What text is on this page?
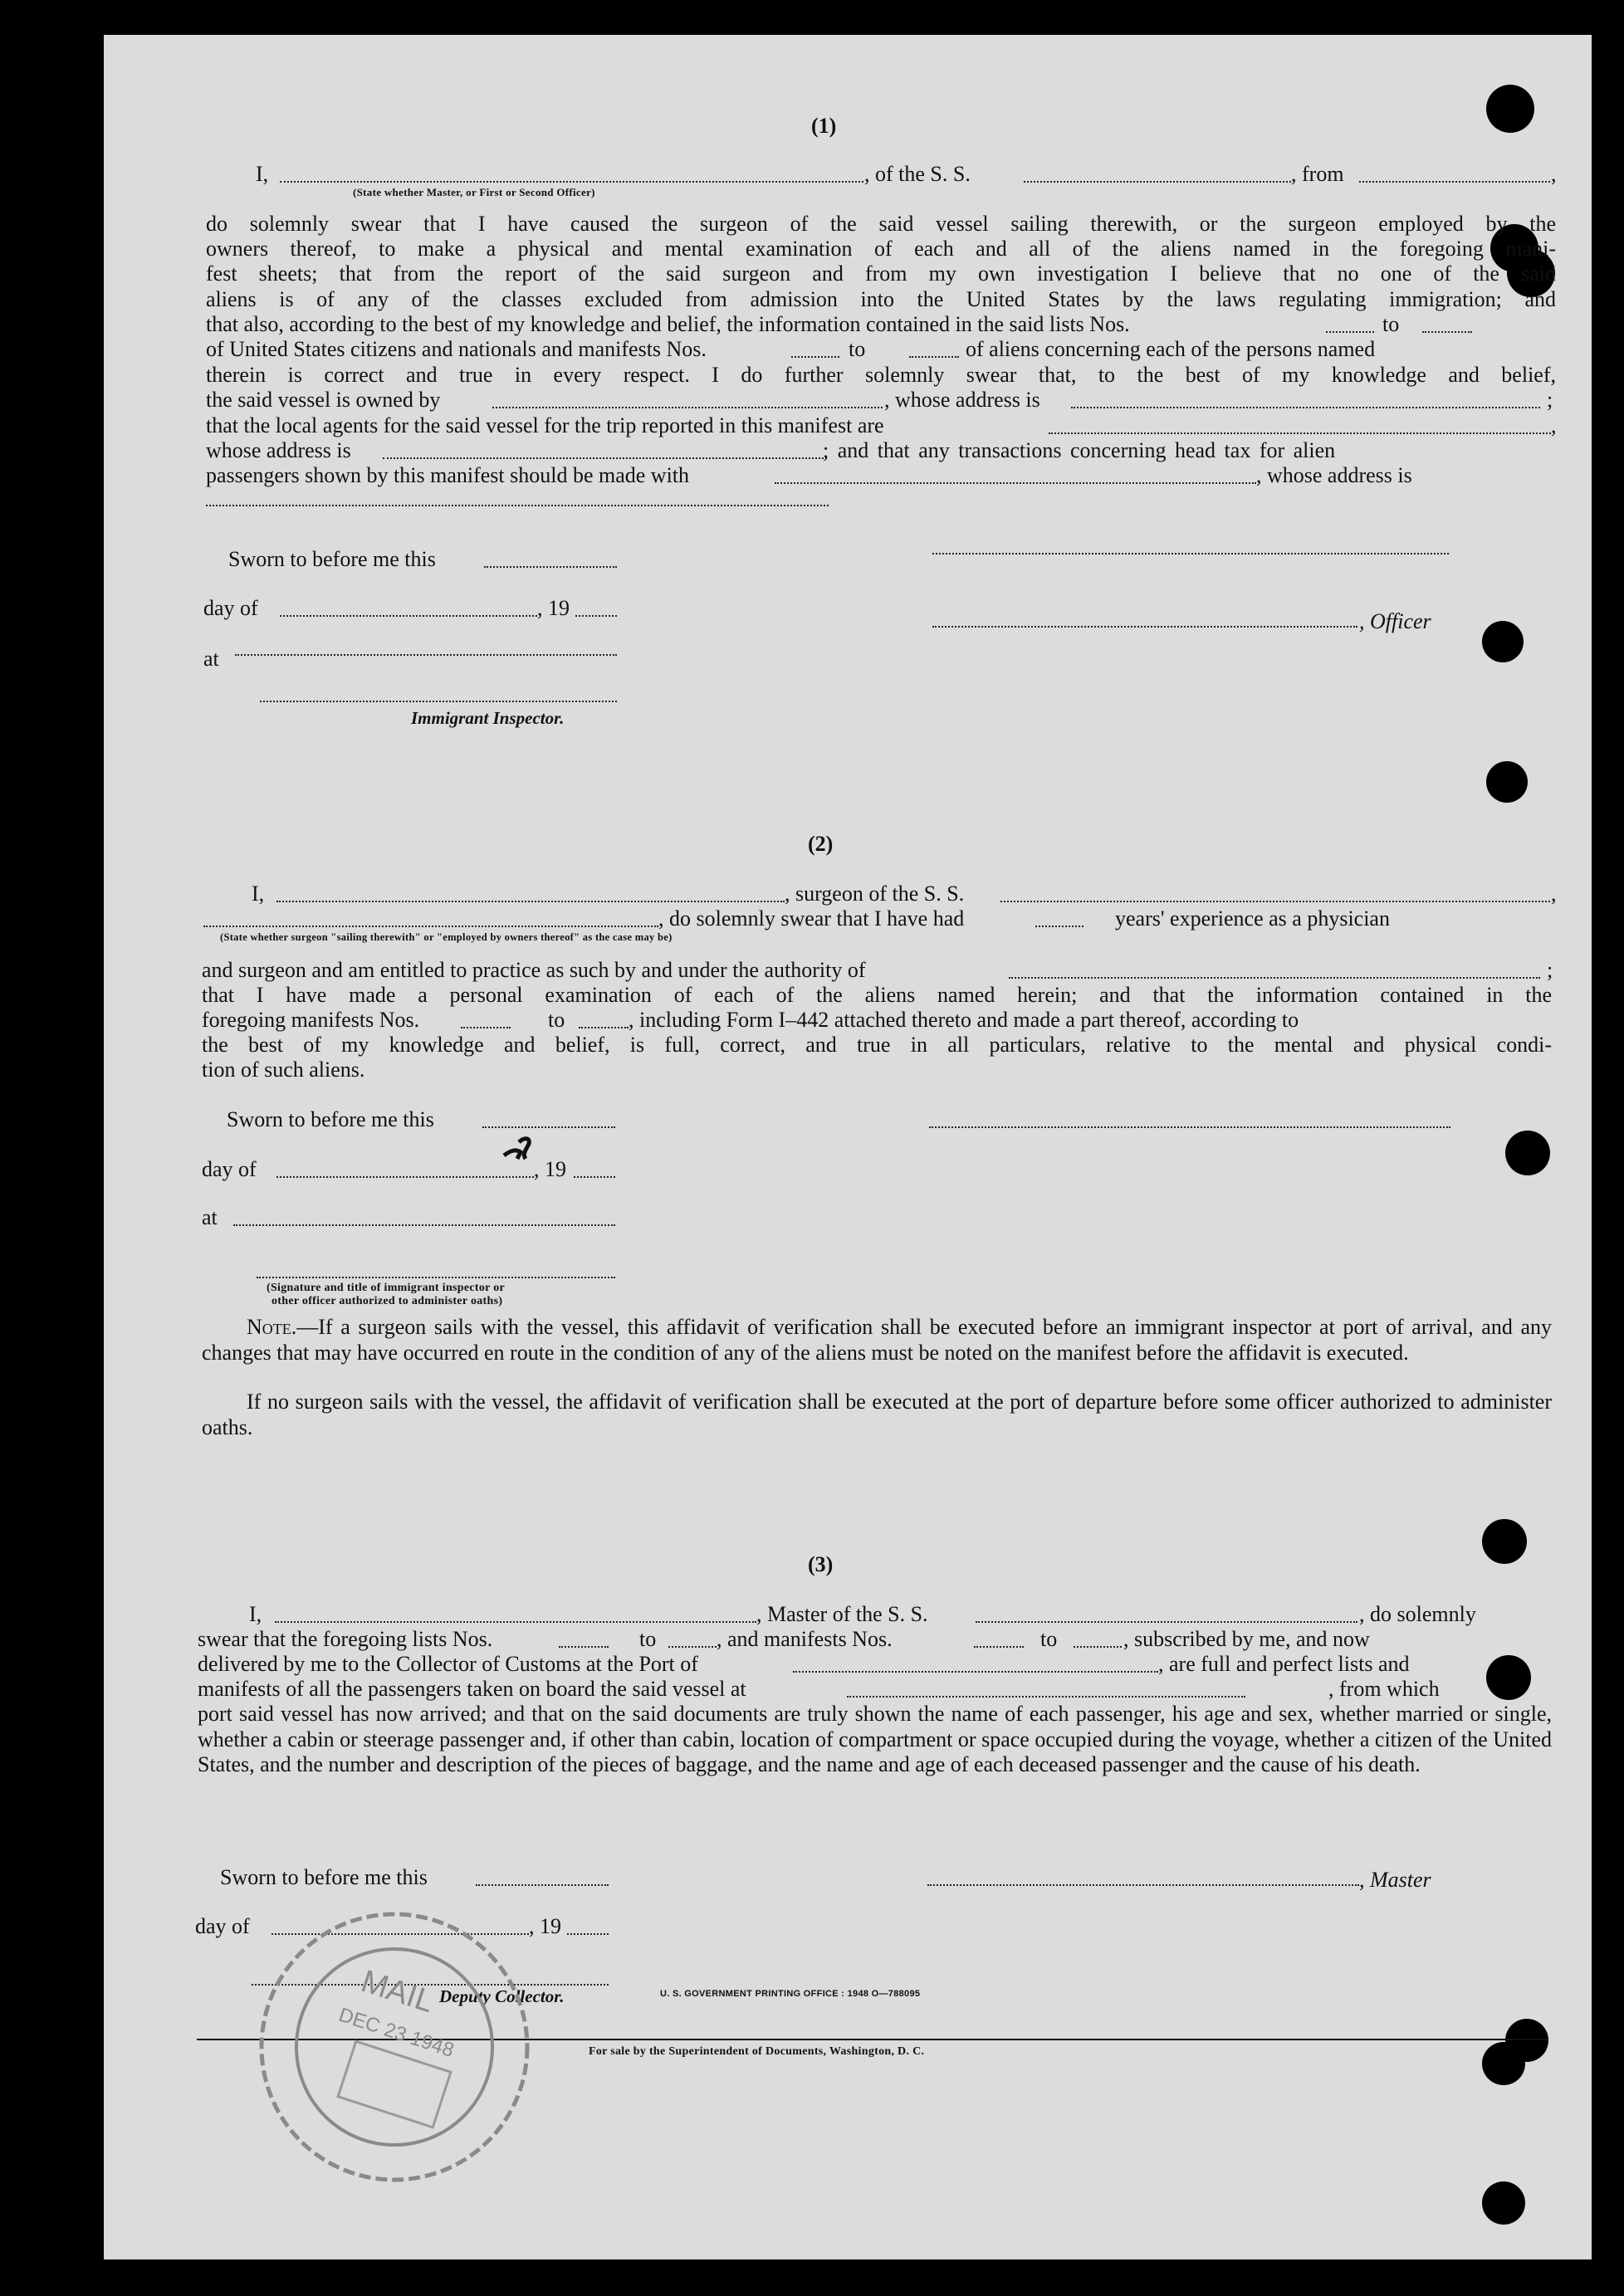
(1)
I,
(State whether Master, or First or Second Officer)
, of the S. S.	, from	,
do solemnly swear that I have caused the surgeon of the said vessel sailing therewith, or the surgeon employed by the
owners thereof, to make a physical and mental examination of each and all of the aliens named in the foregoing mani-
fest sheets; that from the report of the said surgeon and from my own investigation I believe that no one of the said
aliens is of any of the classes excluded from admission into the United States by the laws regulating immigration; and
that also, according to the best of my knowledge and belief, the information contained in the said lists Nos.	to
of United States citizens and nationals and manifests Nos.	to	of aliens concerning each of the persons named
therein is correct and true in every respect. I do further solemnly swear that, to the best of my knowledge and belief,
the said vessel is owned by	, whose address is	;
that the local agents for the said vessel for the trip reported in this manifest are	,
whose address is	; and that any transactions concerning head tax for alien
passengers shown by this manifest should be made with	, whose address is
Sworn to before me this
day of	, 19
, Officer
at
Immigrant Inspector.
(2)
I,	, surgeon of the S. S.	,
, do solemnly swear that I have had	years' experience as a physician
(State whether surgeon "sailing therewith" or "employed by owners thereof" as the case may be)
and surgeon and am entitled to practice as such by and under the authority of	;
that I have made a personal examination of each of the aliens named herein; and that the information contained in the
foregoing manifests Nos.	to	, including Form I–442 attached thereto and made a part thereof, according to
the best of my knowledge and belief, is full, correct, and true in all particulars, relative to the mental and physical condi-
tion of such aliens.
Sworn to before me this
day of	, 19
at
(Signature and title of immigrant inspector or
other officer authorized to administer oaths)
Note.—If a surgeon sails with the vessel, this affidavit of verification shall be executed before an immigrant inspector at port of arrival, and any changes that may have occurred en route in the condition of any of the aliens must be noted on the manifest before the affidavit is executed.
If no surgeon sails with the vessel, the affidavit of verification shall be executed at the port of departure before some officer authorized to administer oaths.
(3)
I,	, Master of the S. S.	, do solemnly
swear that the foregoing lists Nos.	to	, and manifests Nos.	to	, subscribed by me, and now
delivered by me to the Collector of Customs at the Port of	, are full and perfect lists and
manifests of all the passengers taken on board the said vessel at	, from which
port said vessel has now arrived; and that on the said documents are truly shown the name of each passenger, his age and sex, whether married or single, whether a cabin or steerage passenger and, if other than cabin, location of compartment or space occupied during the voyage, whether a citizen of the United States, and the number and description of the pieces of baggage, and the name and age of each deceased passenger and the cause of his death.
Sworn to before me this	, Master
day of	, 19
Deputy Collector.	U. S. GOVERNMENT PRINTING OFFICE : 1948 O—788095
For sale by the Superintendent of Documents, Washington, D. C.
MAIL
DEC 23 1948
